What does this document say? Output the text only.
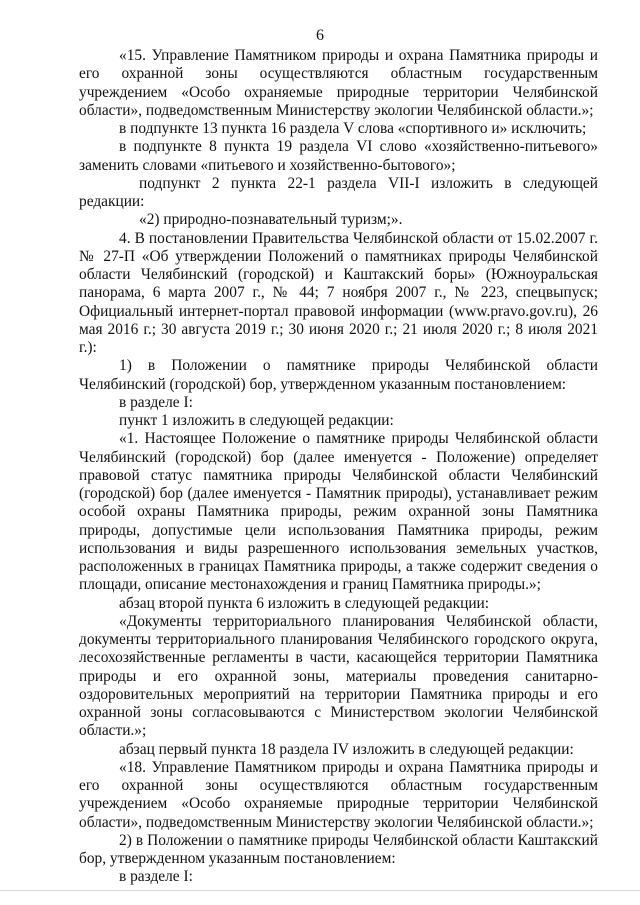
6

«15. Управление Памятником природы и охрана Памятника природы и его охранной зоны осуществляются областным государственным учреждением «Особо охраняемые природные территории Челябинской области», подведомственным Министерству экологии Челябинской области.»;

в подпункте 13 пункта 16 раздела V слова «спортивного и» исключить;

в подпункте 8 пункта 19 раздела VI слово «хозяйственно-питьевого» заменить словами «питьевого и хозяйственно-бытового»;

подпункт 2 пункта 22-1 раздела VII-I изложить в следующей редакции:

«2) природно-познавательный туризм;».

4. В постановлении Правительства Челябинской области от 15.02.2007 г. № 27-П «Об утверждении Положений о памятниках природы Челябинской области Челябинский (городской) и Каштакский боры» (Южноуральская панорама, 6 марта 2007 г., № 44; 7 ноября 2007 г., № 223, спецвыпуск; Официальный интернет-портал правовой информации (www.pravo.gov.ru), 26 мая 2016 г.; 30 августа 2019 г.; 30 июня 2020 г.; 21 июля 2020 г.; 8 июля 2021 г.):

1) в Положении о памятнике природы Челябинской области Челябинский (городской) бор, утвержденном указанным постановлением:

в разделе I:

пункт 1 изложить в следующей редакции:

«1. Настоящее Положение о памятнике природы Челябинской области Челябинский (городской) бор (далее именуется - Положение) определяет правовой статус памятника природы Челябинской области Челябинский (городской) бор (далее именуется - Памятник природы), устанавливает режим особой охраны Памятника природы, режим охранной зоны Памятника природы, допустимые цели использования Памятника природы, режим использования и виды разрешенного использования земельных участков, расположенных в границах Памятника природы, а также содержит сведения о площади, описание местонахождения и границ Памятника природы.»;

абзац второй пункта 6 изложить в следующей редакции:

«Документы территориального планирования Челябинской области, документы территориального планирования Челябинского городского округа, лесохозяйственные регламенты в части, касающейся территории Памятника природы и его охранной зоны, материалы проведения санитарно-оздоровительных мероприятий на территории Памятника природы и его охранной зоны согласовываются с Министерством экологии Челябинской области.»;

абзац первый пункта 18 раздела IV изложить в следующей редакции:

«18. Управление Памятником природы и охрана Памятника природы и его охранной зоны осуществляются областным государственным учреждением «Особо охраняемые природные территории Челябинской области», подведомственным Министерству экологии Челябинской области.»;

2) в Положении о памятнике природы Челябинской области Каштакский бор, утвержденном указанным постановлением:

в разделе I:
